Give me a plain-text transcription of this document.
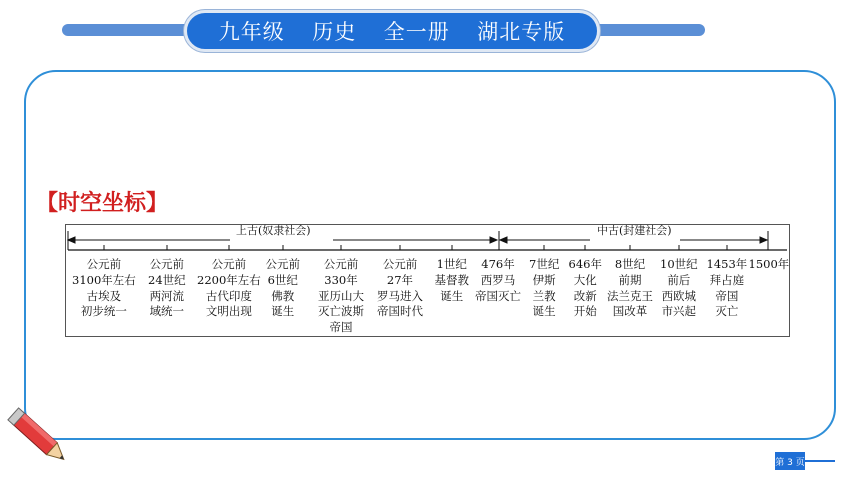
九年级 历史 全一册 湖北专版
【时空坐标】
上古(奴隶社会)	中古(封建社会)
公元前
3100年左右
古埃及
初步统一
公元前
24世纪
两河流
域统一
公元前
2200年左右
古代印度
文明出现
公元前
6世纪
佛教
诞生
公元前
330年
亚历山大
灭亡波斯
帝国
公元前
27年
罗马进入
帝国时代
1世纪
基督教
诞生
476年
西罗马
帝国灭亡
7世纪
伊斯
兰教
诞生
646年
大化
改新
开始
8世纪
前期
法兰克王
国改革
10世纪
前后
西欧城
市兴起
1453年
拜占庭
帝国
灭亡
1500年
第 3 页
